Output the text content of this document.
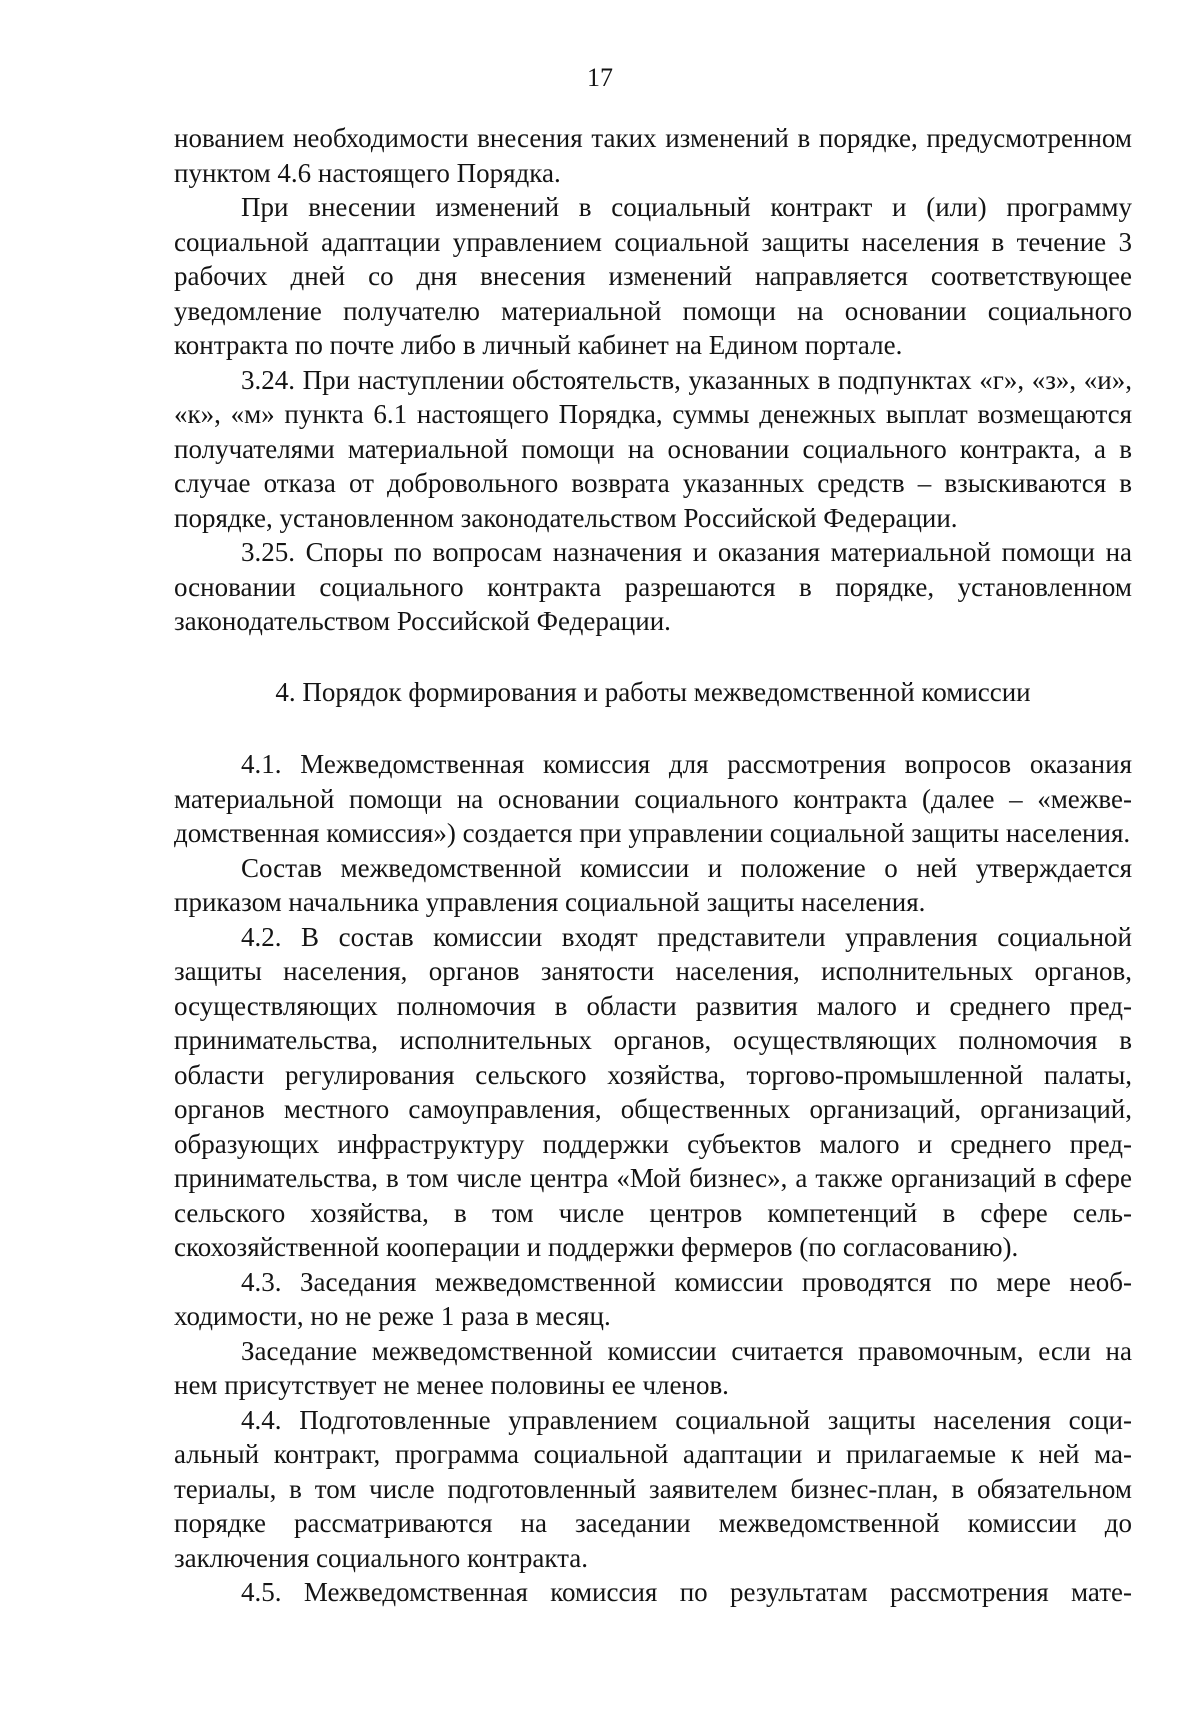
17

нованием необходимости внесения таких изменений в порядке, предусмотренном пунктом 4.6 настоящего Порядка.

При внесении изменений в социальный контракт и (или) программу социальной адаптации управлением социальной защиты населения в течение 3 рабочих дней со дня внесения изменений направляется соответствующее уведомление получателю материальной помощи на основании социального контракта по почте либо в личный кабинет на Едином портале.

3.24. При наступлении обстоятельств, указанных в подпунктах «г», «з», «и», «к», «м» пункта 6.1 настоящего Порядка, суммы денежных выплат возмещаются получателями материальной помощи на основании социального контракта, а в случае отказа от добровольного возврата указанных средств – взыскиваются в порядке, установленном законодательством Российской Федерации.

3.25. Споры по вопросам назначения и оказания материальной помощи на основании социального контракта разрешаются в порядке, установленном законодательством Российской Федерации.

4. Порядок формирования и работы межведомственной комиссии

4.1. Межведомственная комиссия для рассмотрения вопросов оказания материальной помощи на основании социального контракта (далее – «межведомственная комиссия») создается при управлении социальной защиты населения.

Состав межведомственной комиссии и положение о ней утверждается приказом начальника управления социальной защиты населения.

4.2. В состав комиссии входят представители управления социальной защиты населения, органов занятости населения, исполнительных органов, осуществляющих полномочия в области развития малого и среднего предпринимательства, исполнительных органов, осуществляющих полномочия в области регулирования сельского хозяйства, торгово-промышленной палаты, органов местного самоуправления, общественных организаций, организаций, образующих инфраструктуру поддержки субъектов малого и среднего предпринимательства, в том числе центра «Мой бизнес», а также организаций в сфере сельского хозяйства, в том числе центров компетенций в сфере сельскохозяйственной кооперации и поддержки фермеров (по согласованию).

4.3. Заседания межведомственной комиссии проводятся по мере необходимости, но не реже 1 раза в месяц.

Заседание межведомственной комиссии считается правомочным, если на нем присутствует не менее половины ее членов.

4.4. Подготовленные управлением социальной защиты населения социальный контракт, программа социальной адаптации и прилагаемые к ней материалы, в том числе подготовленный заявителем бизнес-план, в обязательном порядке рассматриваются на заседании межведомственной комиссии до заключения социального контракта.

4.5. Межведомственная комиссия по результатам рассмотрения мате-
